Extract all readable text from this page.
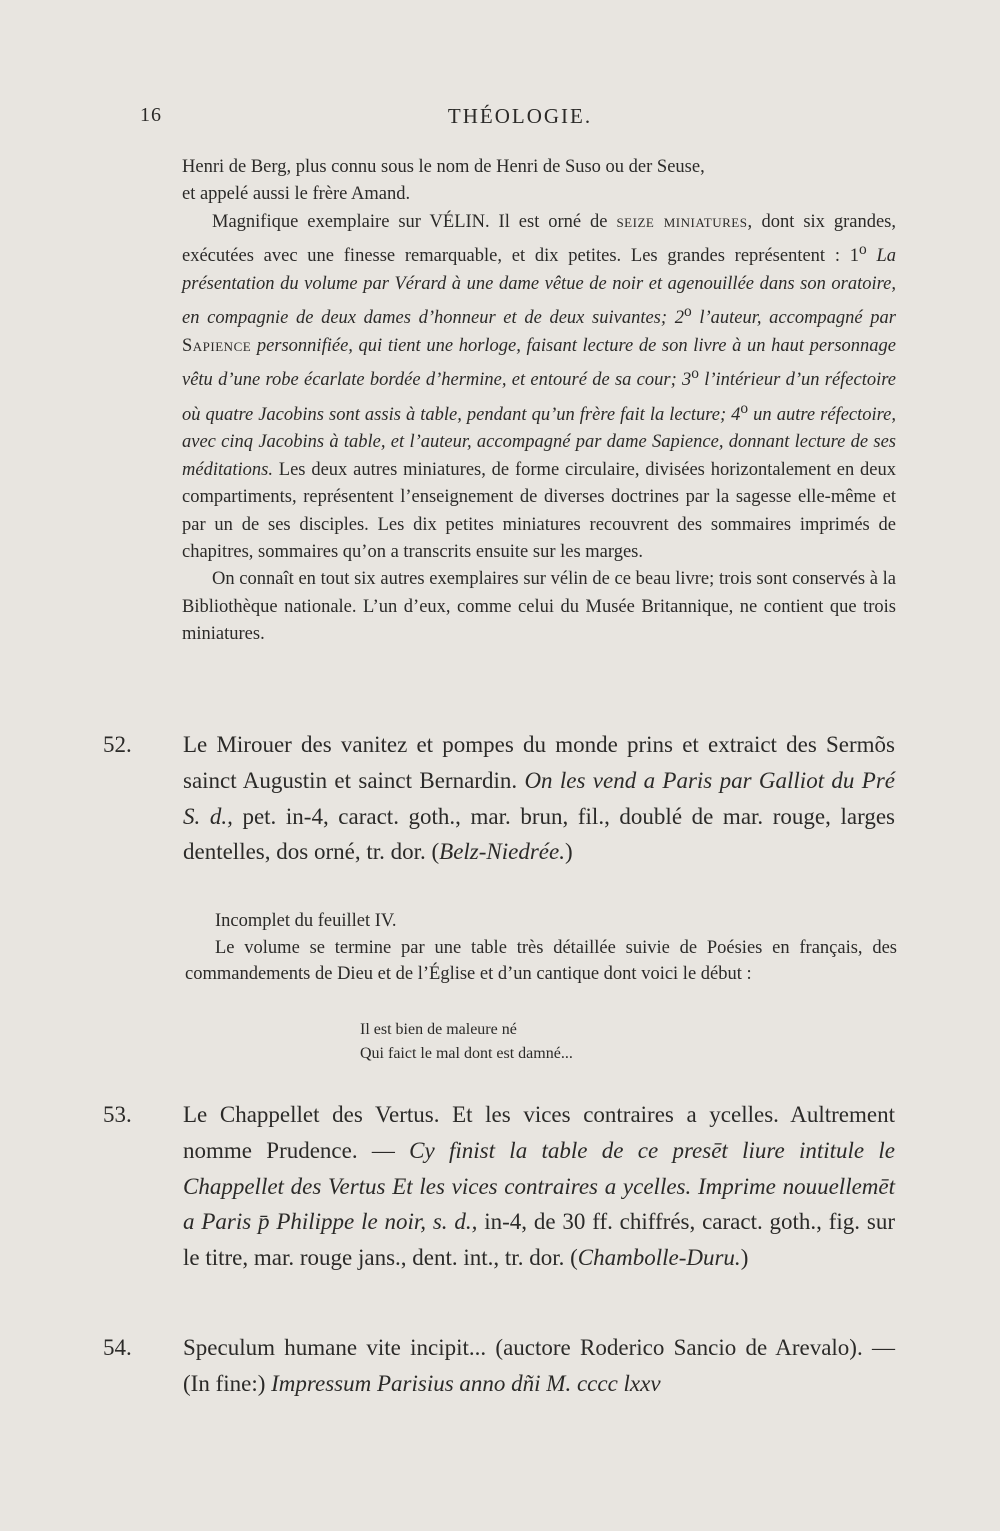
16	THÉOLOGIE.

Henri de Berg, plus connu sous le nom de Henri de Suso ou der Seuse,
et appelé aussi le frère Amand.

Magnifique exemplaire sur VÉLIN. Il est orné de seize miniatures, dont six grandes, exécutées avec une finesse remarquable, et dix petites. Les grandes représentent : 1$^o$ La présentation du volume par Vérard à une dame vêtue de noir et agenouillée dans son oratoire, en compagnie de deux dames d’honneur et de deux suivantes; 2$^o$ l’auteur, accompagné par Sapience personnifiée, qui tient une horloge, faisant lecture de son livre à un haut personnage vêtu d’une robe écarlate bordée d’hermine, et entouré de sa cour; 3$^o$ l’intérieur d’un réfectoire où quatre Jacobins sont assis à table, pendant qu’un frère fait la lecture; 4$^o$ un autre réfectoire, avec cinq Jacobins à table, et l’auteur, accompagné par dame Sapience, donnant lecture de ses méditations. Les deux autres miniatures, de forme circulaire, divisées horizontalement en deux compartiments, représentent l’enseignement de diverses doctrines par la sagesse elle-même et par un de ses disciples. Les dix petites miniatures recouvrent des sommaires imprimés de chapitres, sommaires qu’on a transcrits ensuite sur les marges.

On connaît en tout six autres exemplaires sur vélin de ce beau livre; trois sont conservés à la Bibliothèque nationale. L’un d’eux, comme celui du Musée Britannique, ne contient que trois miniatures.

52. Le Mirouer des vanitez et pompes du monde prins et extraict des Sermõs sainct Augustin et sainct Bernardin. On les vend a Paris par Galliot du Pré S. d., pet. in-4, caract. goth., mar. brun, fil., doublé de mar. rouge, larges dentelles, dos orné, tr. dor. (Belz-Niedrée.)

Incomplet du feuillet IV.

Le volume se termine par une table très détaillée suivie de Poésies en français, des commandements de Dieu et de l’Église et d’un cantique dont voici le début :

Il est bien de maleure né

Qui faict le mal dont est damné...

53. Le Chappellet des Vertus. Et les vices contraires a ycelles. Aultrement nomme Prudence. — Cy finist la table de ce presēt liure intitule le Chappellet des Vertus Et les vices contraires a ycelles. Imprime nouuellemēt a Paris p̄ Philippe le noir, s. d., in-4, de 30 ff. chiffrés, caract. goth., fig. sur le titre, mar. rouge jans., dent. int., tr. dor. (Chambolle-Duru.)

54. Speculum humane vite incipit... (auctore Roderico Sancio de Arevalo). — (In fine:) Impressum Parisius anno dñi M. cccc lxxv
